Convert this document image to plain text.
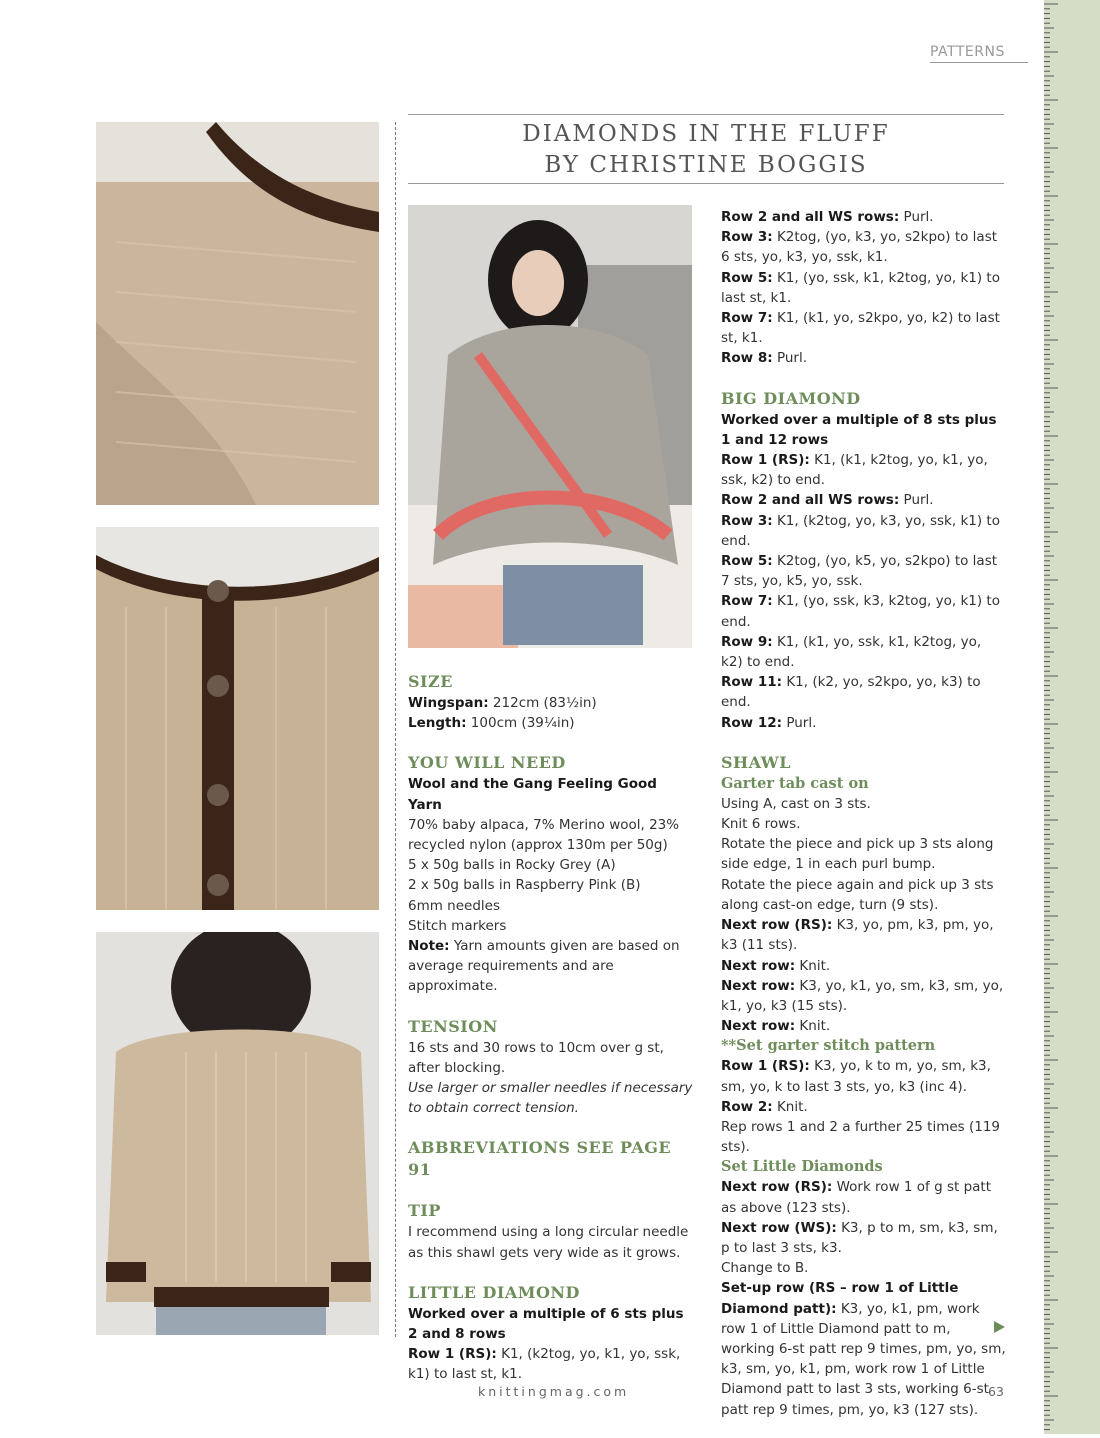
PATTERNS
DIAMONDS IN THE FLUFF
BY CHRISTINE BOGGIS

SIZE

Wingspan: 212cm (83½in)

Length: 100cm (39¼in)

YOU WILL NEED

Wool and the Gang Feeling Good Yarn

70% baby alpaca, 7% Merino wool, 23%

recycled nylon (approx 130m per 50g)

5 x 50g balls in Rocky Grey (A)

2 x 50g balls in Raspberry Pink (B)

6mm needles

Stitch markers

Note: Yarn amounts given are based on average requirements and are approximate.

TENSION

16 sts and 30 rows to 10cm over g st, after blocking.

Use larger or smaller needles if necessary to obtain correct tension.

ABBREVIATIONS SEE PAGE 91

TIP

I recommend using a long circular needle as this shawl gets very wide as it grows.

LITTLE DIAMOND

Worked over a multiple of 6 sts plus 2 and 8 rows

Row 1 (RS): K1, (k2tog, yo, k1, yo, ssk, k1) to last st, k1.

Row 2 and all WS rows: Purl.

Row 3: K2tog, (yo, k3, yo, s2kpo) to last 6 sts, yo, k3, yo, ssk, k1.

Row 5: K1, (yo, ssk, k1, k2tog, yo, k1) to last st, k1.

Row 7: K1, (k1, yo, s2kpo, yo, k2) to last st, k1.

Row 8: Purl.

BIG DIAMOND

Worked over a multiple of 8 sts plus 1 and 12 rows

Row 1 (RS): K1, (k1, k2tog, yo, k1, yo, ssk, k2) to end.

Row 2 and all WS rows: Purl.

Row 3: K1, (k2tog, yo, k3, yo, ssk, k1) to end.

Row 5: K2tog, (yo, k5, yo, s2kpo) to last 7 sts, yo, k5, yo, ssk.

Row 7: K1, (yo, ssk, k3, k2tog, yo, k1) to end.

Row 9: K1, (k1, yo, ssk, k1, k2tog, yo, k2) to end.

Row 11: K1, (k2, yo, s2kpo, yo, k3) to end.

Row 12: Purl.

SHAWL

Garter tab cast on

Using A, cast on 3 sts.

Knit 6 rows.

Rotate the piece and pick up 3 sts along side edge, 1 in each purl bump.

Rotate the piece again and pick up 3 sts along cast-on edge, turn (9 sts).

Next row (RS): K3, yo, pm, k3, pm, yo, k3 (11 sts).

Next row: Knit.

Next row: K3, yo, k1, yo, sm, k3, sm, yo, k1, yo, k3 (15 sts).

Next row: Knit.

**Set garter stitch pattern

Row 1 (RS): K3, yo, k to m, yo, sm, k3, sm, yo, k to last 3 sts, yo, k3 (inc 4).

Row 2: Knit.

Rep rows 1 and 2 a further 25 times (119 sts).

Set Little Diamonds

Next row (RS): Work row 1 of g st patt as above (123 sts).

Next row (WS): K3, p to m, sm, k3, sm, p to last 3 sts, k3.

Change to B.

Set-up row (RS – row 1 of Little Diamond patt): K3, yo, k1, pm, work row 1 of Little Diamond patt to m, working 6-st patt rep 9 times, pm, yo, sm, k3, sm, yo, k1, pm, work row 1 of Little Diamond patt to last 3 sts, working 6-st patt rep 9 times, pm, yo, k3 (127 sts).

knittingmag.com	63
